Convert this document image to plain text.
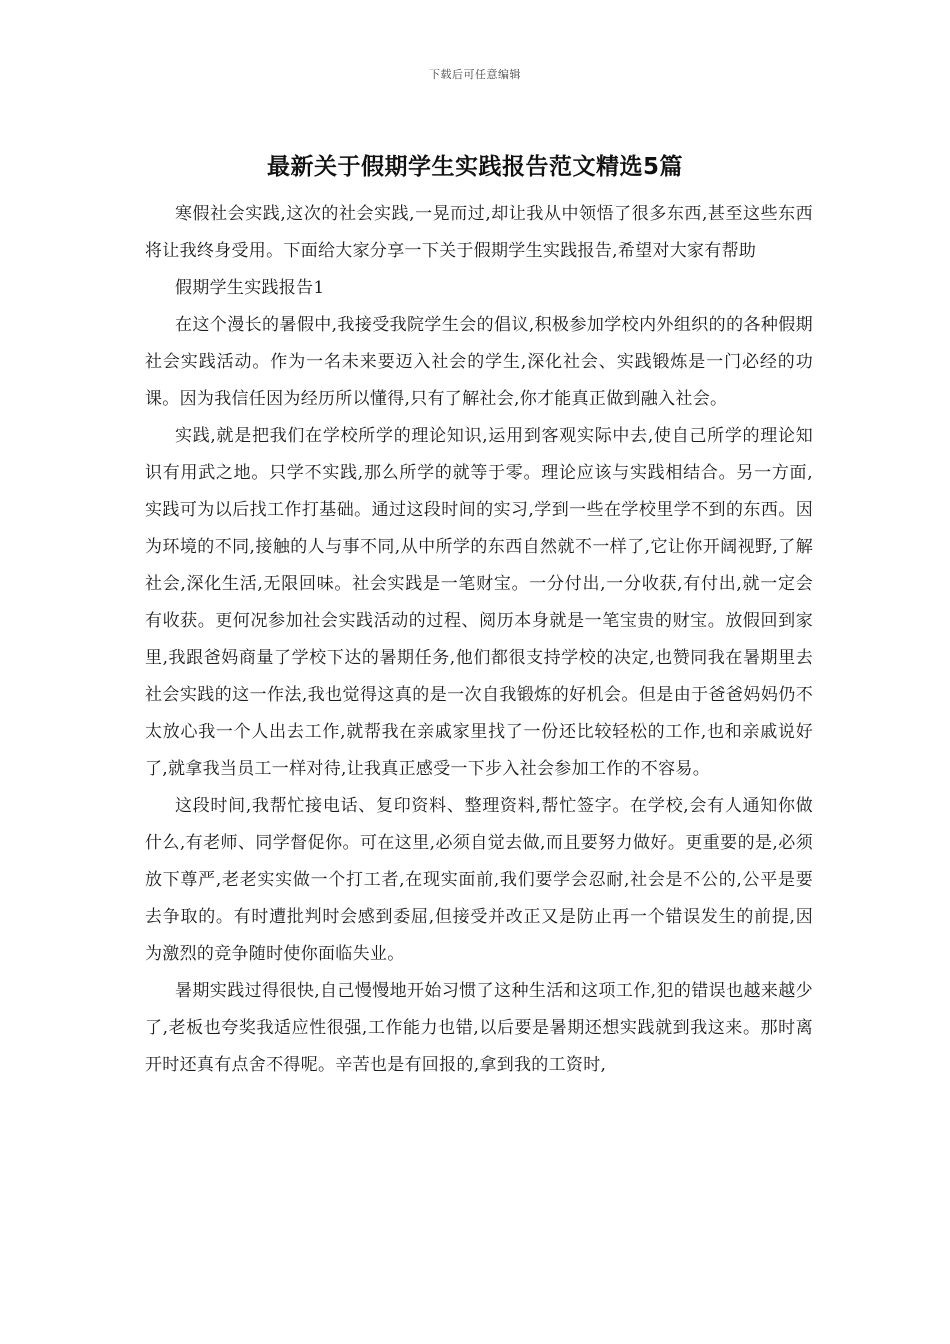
下载后可任意编辑
最新关于假期学生实践报告范文精选5篇

寒假社会实践,这次的社会实践,一晃而过,却让我从中领悟了很多东西,甚至这些东西将让我终身受用。下面给大家分享一下关于假期学生实践报告,希望对大家有帮助

假期学生实践报告1

在这个漫长的暑假中,我接受我院学生会的倡议,积极参加学校内外组织的的各种假期社会实践活动。作为一名未来要迈入社会的学生,深化社会、实践锻炼是一门必经的功课。因为我信任因为经历所以懂得,只有了解社会,你才能真正做到融入社会。

实践,就是把我们在学校所学的理论知识,运用到客观实际中去,使自己所学的理论知识有用武之地。只学不实践,那么所学的就等于零。理论应该与实践相结合。另一方面,实践可为以后找工作打基础。通过这段时间的实习,学到一些在学校里学不到的东西。因为环境的不同,接触的人与事不同,从中所学的东西自然就不一样了,它让你开阔视野,了解社会,深化生活,无限回味。社会实践是一笔财宝。一分付出,一分收获,有付出,就一定会有收获。更何况参加社会实践活动的过程、阅历本身就是一笔宝贵的财宝。放假回到家里,我跟爸妈商量了学校下达的暑期任务,他们都很支持学校的决定,也赞同我在暑期里去社会实践的这一作法,我也觉得这真的是一次自我锻炼的好机会。但是由于爸爸妈妈仍不太放心我一个人出去工作,就帮我在亲戚家里找了一份还比较轻松的工作,也和亲戚说好了,就拿我当员工一样对待,让我真正感受一下步入社会参加工作的不容易。

这段时间,我帮忙接电话、复印资料、整理资料,帮忙签字。在学校,会有人通知你做什么,有老师、同学督促你。可在这里,必须自觉去做,而且要努力做好。更重要的是,必须放下尊严,老老实实做一个打工者,在现实面前,我们要学会忍耐,社会是不公的,公平是要去争取的。有时遭批判时会感到委屈,但接受并改正又是防止再一个错误发生的前提,因为激烈的竞争随时使你面临失业。

暑期实践过得很快,自己慢慢地开始习惯了这种生活和这项工作,犯的错误也越来越少了,老板也夸奖我适应性很强,工作能力也错,以后要是暑期还想实践就到我这来。那时离开时还真有点舍不得呢。辛苦也是有回报的,拿到我的工资时,
